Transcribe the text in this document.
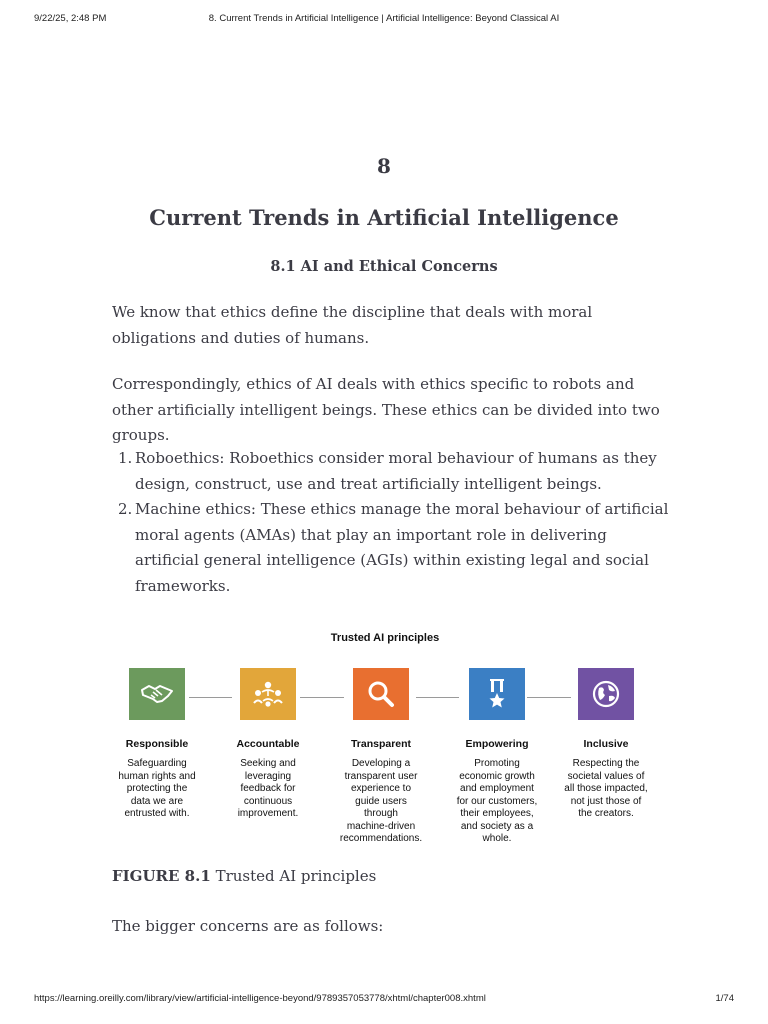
9/22/25, 2:48 PM	8. Current Trends in Artificial Intelligence | Artificial Intelligence: Beyond Classical AI
8
Current Trends in Artificial Intelligence
8.1 AI and Ethical Concerns

We know that ethics define the discipline that deals with moral obligations and duties of humans.

Correspondingly, ethics of AI deals with ethics specific to robots and other artificially intelligent beings. These ethics can be divided into two groups.

1. Roboethics: Roboethics consider moral behaviour of humans as they design, construct, use and treat artificially intelligent beings.
2. Machine ethics: These ethics manage the moral behaviour of artificial moral agents (AMAs) that play an important role in delivering artificial general intelligence (AGIs) within existing legal and social frameworks.
Trusted AI principles
Responsible
Safeguarding
human rights and
protecting the
data we are
entrusted with.
Accountable
Seeking and
leveraging
feedback for
continuous
improvement.
Transparent
Developing a
transparent user
experience to
guide users
through
machine-driven
recommendations.
Empowering
Promoting
economic growth
and employment
for our customers,
their employees,
and society as a
whole.
Inclusive
Respecting the
societal values of
all those impacted,
not just those of
the creators.
FIGURE 8.1 Trusted AI principles

The bigger concerns are as follows:

https://learning.oreilly.com/library/view/artificial-intelligence-beyond/9789357053778/xhtml/chapter008.xhtml	1/74
